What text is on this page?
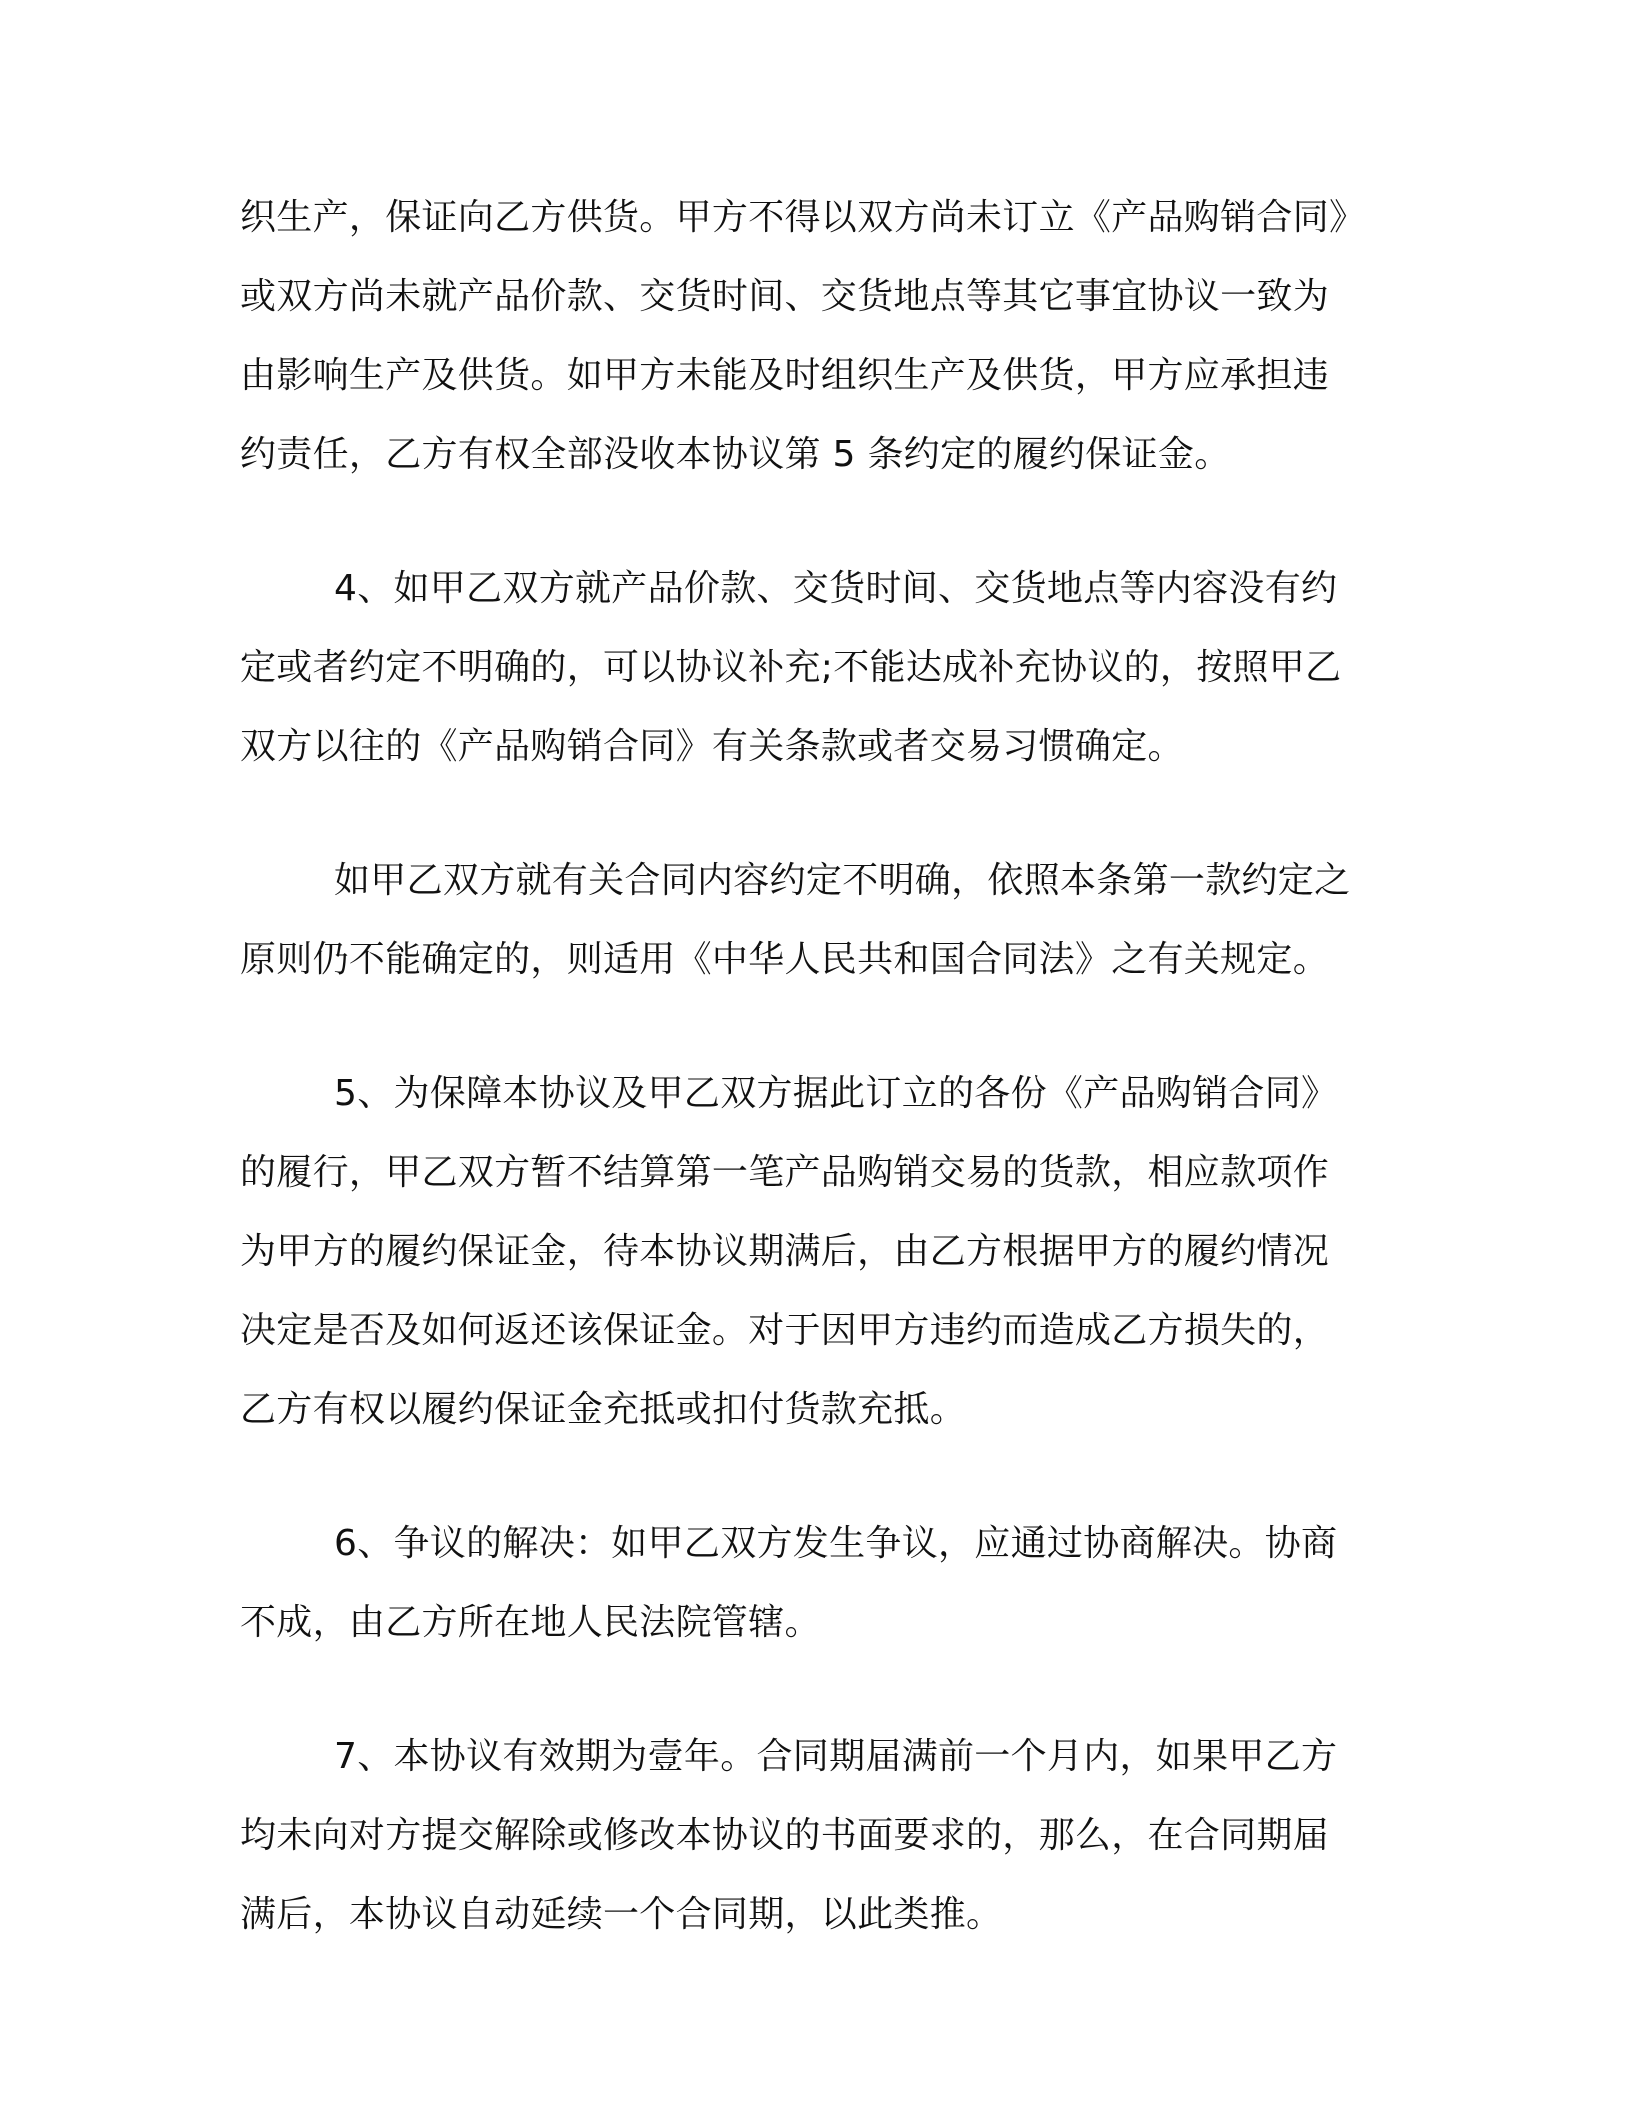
织生产，保证向乙方供货。甲方不得以双方尚未订立《产品购销合同》
或双方尚未就产品价款、交货时间、交货地点等其它事宜协议一致为
由影响生产及供货。如甲方未能及时组织生产及供货，甲方应承担违
约责任，乙方有权全部没收本协议第 5 条约定的履约保证金。

4、如甲乙双方就产品价款、交货时间、交货地点等内容没有约
定或者约定不明确的，可以协议补充;不能达成补充协议的，按照甲乙
双方以往的《产品购销合同》有关条款或者交易习惯确定。

如甲乙双方就有关合同内容约定不明确，依照本条第一款约定之
原则仍不能确定的，则适用《中华人民共和国合同法》之有关规定。

5、为保障本协议及甲乙双方据此订立的各份《产品购销合同》
的履行，甲乙双方暂不结算第一笔产品购销交易的货款，相应款项作
为甲方的履约保证金，待本协议期满后，由乙方根据甲方的履约情况
决定是否及如何返还该保证金。对于因甲方违约而造成乙方损失的，
乙方有权以履约保证金充抵或扣付货款充抵。

6、争议的解决：如甲乙双方发生争议，应通过协商解决。协商
不成，由乙方所在地人民法院管辖。

7、本协议有效期为壹年。合同期届满前一个月内，如果甲乙方
均未向对方提交解除或修改本协议的书面要求的，那么，在合同期届
满后，本协议自动延续一个合同期，以此类推。
